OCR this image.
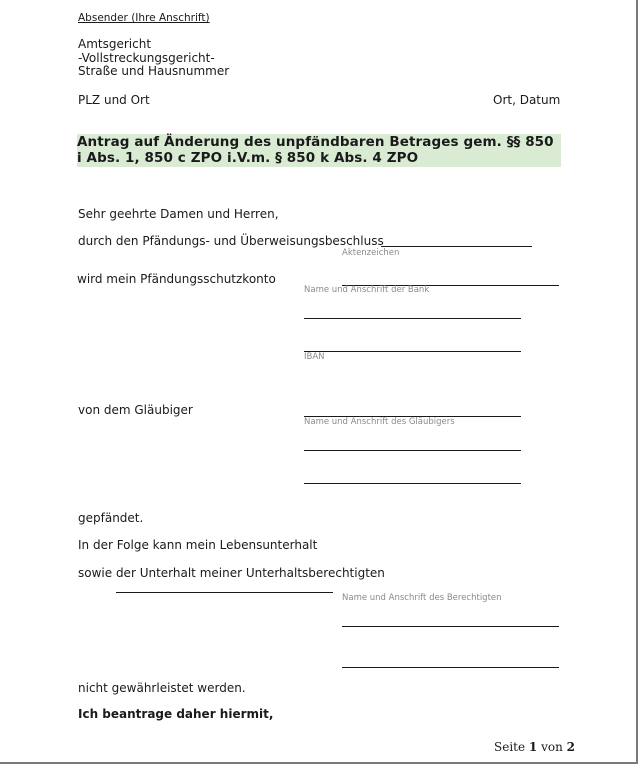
Absender (Ihre Anschrift)
Amtsgericht
-Vollstreckungsgericht-
Straße und Hausnummer
PLZ und Ort	Ort, Datum
Antrag auf Änderung des unpfändbaren Betrages gem. §§ 850
i Abs. 1, 850 c ZPO i.V.m. § 850 k Abs. 4 ZPO
Sehr geehrte Damen und Herren,
durch den Pfändungs- und Überweisungsbeschluss
Aktenzeichen
wird mein Pfändungsschutzkonto
Name und Anschrift der Bank
IBAN
von dem Gläubiger
Name und Anschrift des Gläubigers
gepfändet.
In der Folge kann mein Lebensunterhalt
sowie der Unterhalt meiner Unterhaltsberechtigten
Name und Anschrift des Berechtigten
nicht gewährleistet werden.
Ich beantrage daher hiermit,
Seite 1 von 2
